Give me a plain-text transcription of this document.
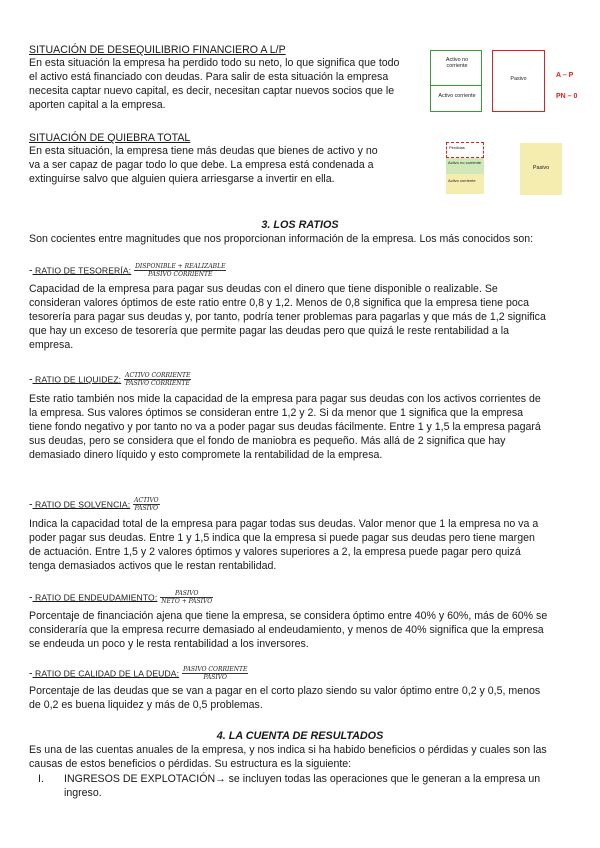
SITUACIÓN DE DESEQUILIBRIO FINANCIERO A L/P
En esta situación la empresa ha perdido todo su neto, lo que significa que todo
el activo está financiado con deudas. Para salir de esta situación la empresa
necesita captar nuevo capital, es decir, necesitan captar nuevos socios que le
aporten capital a la empresa.
Activo no corriente
Activo corriente
Pasivo	A – P
PN – 0
SITUACIÓN DE QUIEBRA TOTAL
En esta situación, la empresa tiene más deudas que bienes de activo y no
va a ser capaz de pagar todo lo que debe. La empresa está condenada a
extinguirse salvo que alguien quiera arriesgarse a invertir en ella.
Pérdidas
Activo no corriente
Activo corriente
Pasivo
3. LOS RATIOS
Son cocientes entre magnitudes que nos proporcionan información de la empresa. Los más conocidos son:
- RATIO DE TESORERÍA: $\frac{\text{DISPONIBLE + REALIZABLE}}{\text{PASIVO CORRIENTE}}$
Capacidad de la empresa para pagar sus deudas con el dinero que tiene disponible o realizable. Se
consideran valores óptimos de este ratio entre 0,8 y 1,2. Menos de 0,8 significa que la empresa tiene poca
tesorería para pagar sus deudas y, por tanto, podría tener problemas para pagarlas y que más de 1,2 significa
que hay un exceso de tesorería que permite pagar las deudas pero que quizá le reste rentabilidad a la
empresa.
- RATIO DE LIQUIDEZ: $\frac{\text{ACTIVO CORRIENTE}}{\text{PASIVO CORRIENTE}}$
Este ratio también nos mide la capacidad de la empresa para pagar sus deudas con los activos corrientes de
la empresa. Sus valores óptimos se consideran entre 1,2 y 2. Si da menor que 1 significa que la empresa
tiene fondo negativo y por tanto no va a poder pagar sus deudas fácilmente. Entre 1 y 1,5 la empresa pagará
sus deudas, pero se considera que el fondo de maniobra es pequeño. Más allá de 2 significa que hay
demasiado dinero líquido y esto compromete la rentabilidad de la empresa.
- RATIO DE SOLVENCIA: $\frac{\text{ACTIVO}}{\text{PASIVO}}$
Indica la capacidad total de la empresa para pagar todas sus deudas. Valor menor que 1 la empresa no va a
poder pagar sus deudas. Entre 1 y 1,5 indica que la empresa si puede pagar sus deudas pero tiene margen
de actuación. Entre 1,5 y 2 valores óptimos y valores superiores a 2, la empresa puede pagar pero quizá
tenga demasiados activos que le restan rentabilidad.
- RATIO DE ENDEUDAMIENTO: $\frac{\text{PASIVO}}{\text{NETO + PASIVO}}$
Porcentaje de financiación ajena que tiene la empresa, se considera óptimo entre 40% y 60%, más de 60% se
consideraría que la empresa recurre demasiado al endeudamiento, y menos de 40% significa que la empresa
se endeuda un poco y le resta rentabilidad a los inversores.
- RATIO DE CALIDAD DE LA DEUDA: $\frac{\text{PASIVO CORRIENTE}}{\text{PASIVO}}$
Porcentaje de las deudas que se van a pagar en el corto plazo siendo su valor óptimo entre 0,2 y 0,5, menos
de 0,2 es buena liquidez y más de 0,5 problemas.
4. LA CUENTA DE RESULTADOS
Es una de las cuentas anuales de la empresa, y nos indica si ha habido beneficios o pérdidas y cuales son las
causas de estos beneficios o pérdidas. Su estructura es la siguiente:
I. INGRESOS DE EXPLOTACIÓN→ se incluyen todas las operaciones que le generan a la empresa un
ingreso.
